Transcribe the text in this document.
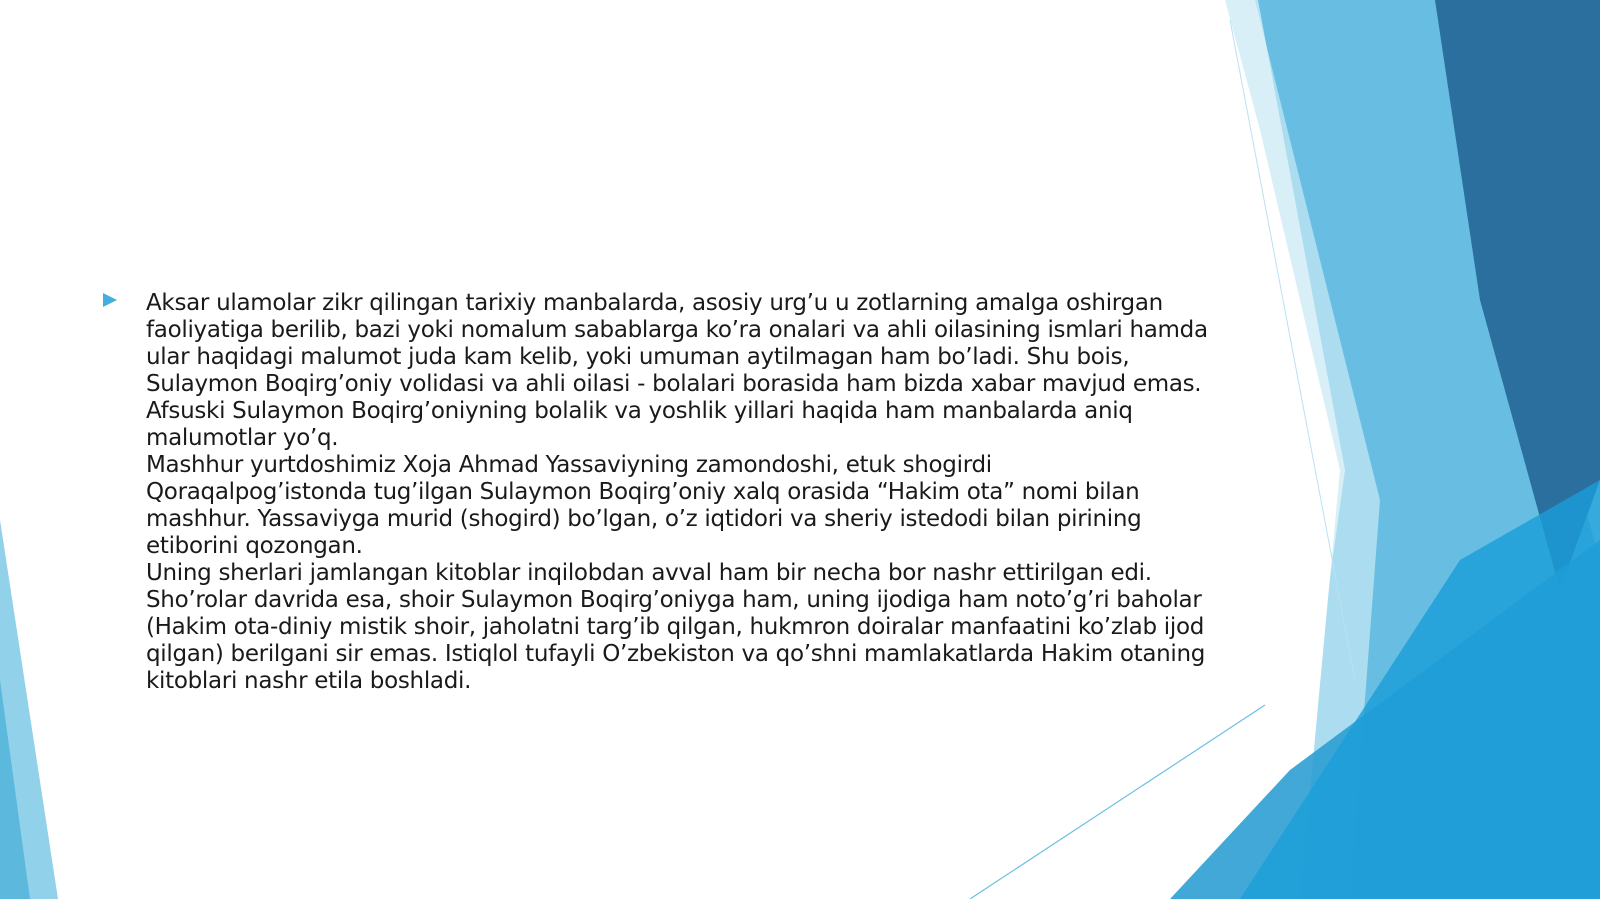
Aksar ulamolar zikr qilingan tarixiy manbalarda, asosiy urg’u u zotlarning amalga oshirgan faoliyatiga berilib, bazi yoki nomalum sabablarga ko’ra onalari va ahli oilasining ismlari hamda ular haqidagi malumot juda kam kelib, yoki umuman aytilmagan ham bo’ladi. Shu bois, Sulaymon Boqirg’oniy volidasi va ahli oilasi - bolalari borasida ham bizda xabar mavjud emas. Afsuski Sulaymon Boqirg’oniyning bolalik va yoshlik yillari haqida ham manbalarda aniq malumotlar yo’q.
Mashhur yurtdoshimiz Xoja Ahmad Yassaviyning zamondoshi, etuk shogirdi Qoraqalpog’istonda tug’ilgan Sulaymon Boqirg’oniy xalq orasida “Hakim ota” nomi bilan mashhur. Yassaviyga murid (shogird) bo’lgan, o’z iqtidori va sheriy istedodi bilan pirining etiborini qozongan.
Uning sherlari jamlangan kitoblar inqilobdan avval ham bir necha bor nashr ettirilgan edi. Sho’rolar davrida esa, shoir Sulaymon Boqirg’oniyga ham, uning ijodiga ham noto’g’ri baholar (Hakim ota-diniy mistik shoir, jaholatni targ’ib qilgan, hukmron doiralar manfaatini ko’zlab ijod qilgan) berilgani sir emas. Istiqlol tufayli O’zbekiston va qo’shni mamlakatlarda Hakim otaning kitoblari nashr etila boshladi.
